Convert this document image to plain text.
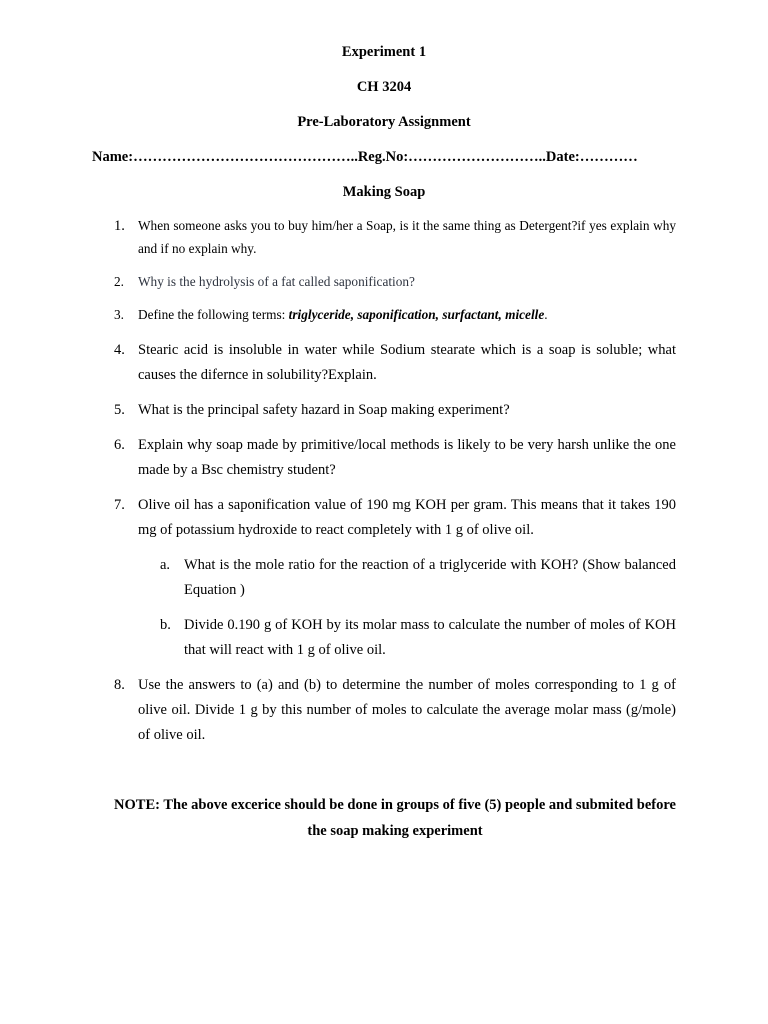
Experiment 1
CH 3204
Pre-Laboratory Assignment
Name:………………………………………..Reg.No:………………………..Date:…………
Making Soap
1. When someone asks you to buy him/her a Soap, is it the same thing as Detergent?if yes explain why and if no explain why.
2.	Why is the hydrolysis of a fat called saponification?
3.	Define the following terms: triglyceride, saponification, surfactant, micelle.
4. Stearic acid is insoluble in water while Sodium stearate which is a soap is soluble; what causes the difernce in solubility?Explain.
5. What is the principal safety hazard in Soap making experiment?
6. Explain why soap made by primitive/local methods is likely to be very harsh unlike the one made by a Bsc chemistry student?
7. Olive oil has a saponification value of 190 mg KOH per gram. This means that it takes 190 mg of potassium hydroxide to react completely with 1 g of olive oil.
a. What is the mole ratio for the reaction of a triglyceride with KOH? (Show balanced Equation )
b. Divide 0.190 g of KOH by its molar mass to calculate the number of moles of KOH that will react with 1 g of olive oil.
8. Use the answers to (a) and (b) to determine the number of moles corresponding to 1 g of olive oil. Divide 1 g by this number of moles to calculate the average molar mass (g/mole) of olive oil.
NOTE: The above excerice should be done in groups of five (5) people and submited before the soap making experiment
